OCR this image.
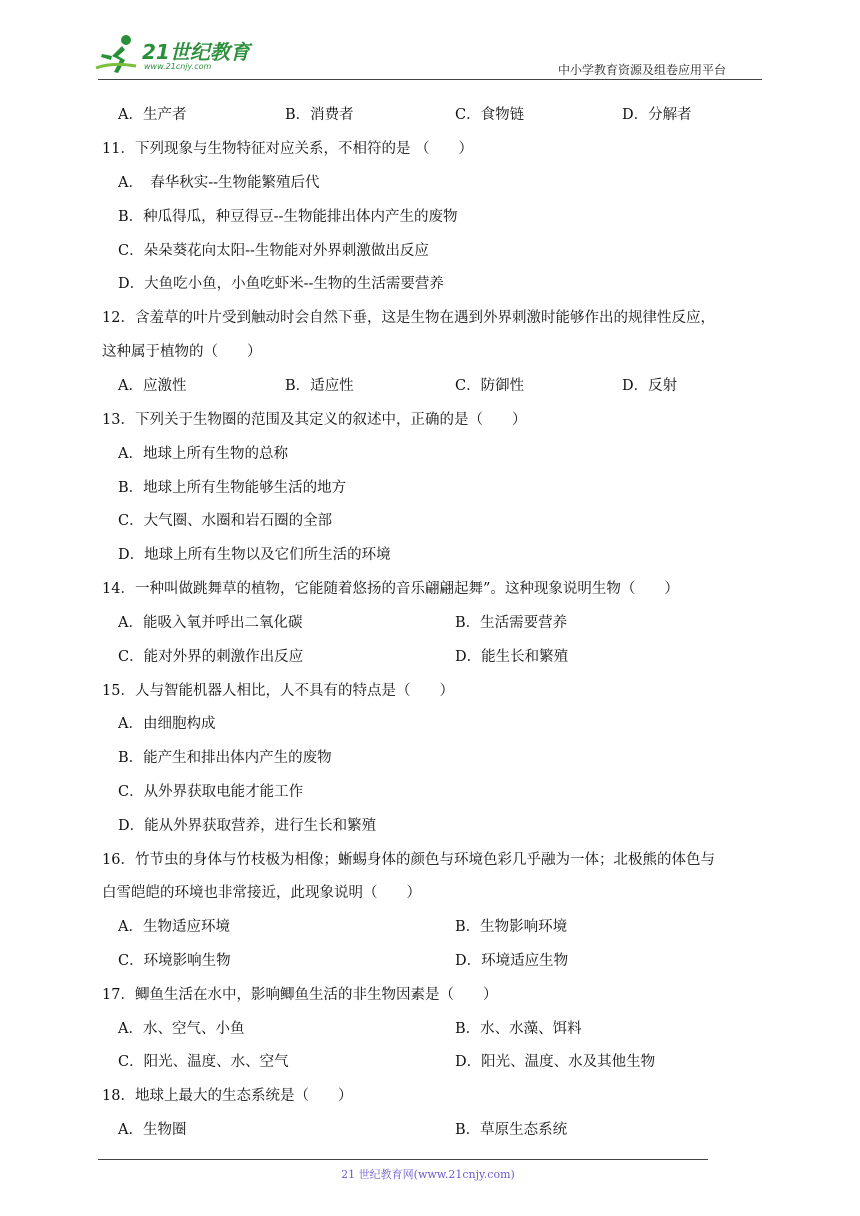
21世纪教育
www.21cnjy.com	中小学教育资源及组卷应用平台
A．生产者	B．消费者	C．食物链	D．分解者
11．下列现象与生物特征对应关系，不相符的是 （　　）
A．　春华秋实--生物能繁殖后代
B．种瓜得瓜，种豆得豆--生物能排出体内产生的废物
C．朵朵葵花向太阳--生物能对外界刺激做出反应
D．大鱼吃小鱼，小鱼吃虾米--生物的生活需要营养
12．含羞草的叶片受到触动时会自然下垂，这是生物在遇到外界刺激时能够作出的规律性反应，
这种属于植物的（　　）
A．应激性	B．适应性	C．防御性	D．反射
13．下列关于生物圈的范围及其定义的叙述中，正确的是（　　）
A．地球上所有生物的总称
B．地球上所有生物能够生活的地方
C．大气圈、水圈和岩石圈的全部
D．地球上所有生物以及它们所生活的环境
14．一种叫做跳舞草的植物，它能随着悠扬的音乐翩翩起舞”。这种现象说明生物（　　）
A．能吸入氧并呼出二氧化碳	B．生活需要营养
C．能对外界的刺激作出反应	D．能生长和繁殖
15．人与智能机器人相比，人不具有的特点是（　　）
A．由细胞构成
B．能产生和排出体内产生的废物
C．从外界获取电能才能工作
D．能从外界获取营养，进行生长和繁殖
16．竹节虫的身体与竹枝极为相像；蜥蜴身体的颜色与环境色彩几乎融为一体；北极熊的体色与
白雪皑皑的环境也非常接近，此现象说明（　　）
A．生物适应环境	B．生物影响环境
C．环境影响生物	D．环境适应生物
17．鲫鱼生活在水中，影响鲫鱼生活的非生物因素是（　　）
A．水、空气、小鱼	B．水、水藻、饵料
C．阳光、温度、水、空气	D．阳光、温度、水及其他生物
18．地球上最大的生态系统是（　　）
A．生物圈	B．草原生态系统
21 世纪教育网(www.21cnjy.com)
